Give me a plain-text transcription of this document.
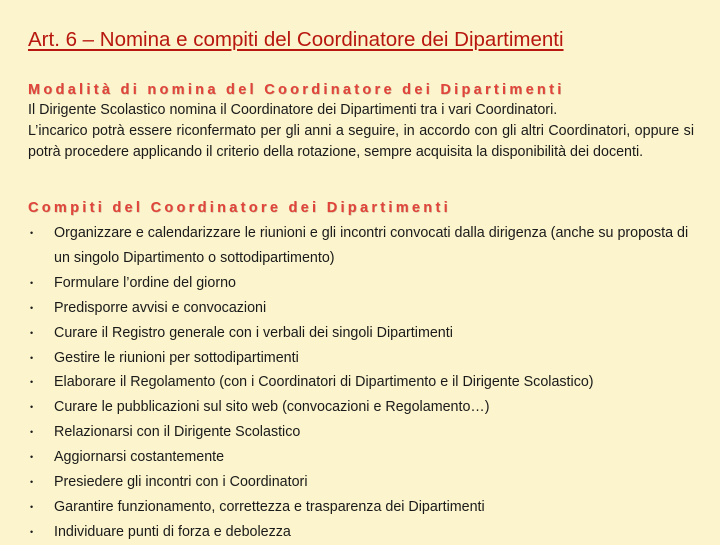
Art. 6 – Nomina e compiti del Coordinatore dei Dipartimenti
Modalità di nomina del Coordinatore dei Dipartimenti

Il Dirigente Scolastico nomina il Coordinatore dei Dipartimenti tra i vari Coordinatori.

L’incarico potrà essere riconfermato per gli anni a seguire, in accordo con gli altri Coordinatori, oppure si potrà procedere applicando il criterio della rotazione, sempre acquisita la disponibilità dei docenti.

Compiti del Coordinatore dei Dipartimenti
• Organizzare e calendarizzare le riunioni e gli incontri convocati dalla dirigenza (anche su proposta di un singolo Dipartimento o sottodipartimento)
• Formulare l’ordine del giorno
• Predisporre avvisi e convocazioni
• Curare il Registro generale con i verbali dei singoli Dipartimenti
• Gestire le riunioni per sottodipartimenti
• Elaborare il Regolamento (con i Coordinatori di Dipartimento e il Dirigente Scolastico)
• Curare le pubblicazioni sul sito web (convocazioni e Regolamento…)
• Relazionarsi con il Dirigente Scolastico
• Aggiornarsi costantemente
• Presiedere gli incontri con i Coordinatori
• Garantire funzionamento, correttezza e trasparenza dei Dipartimenti
• Individuare punti di forza e debolezza
